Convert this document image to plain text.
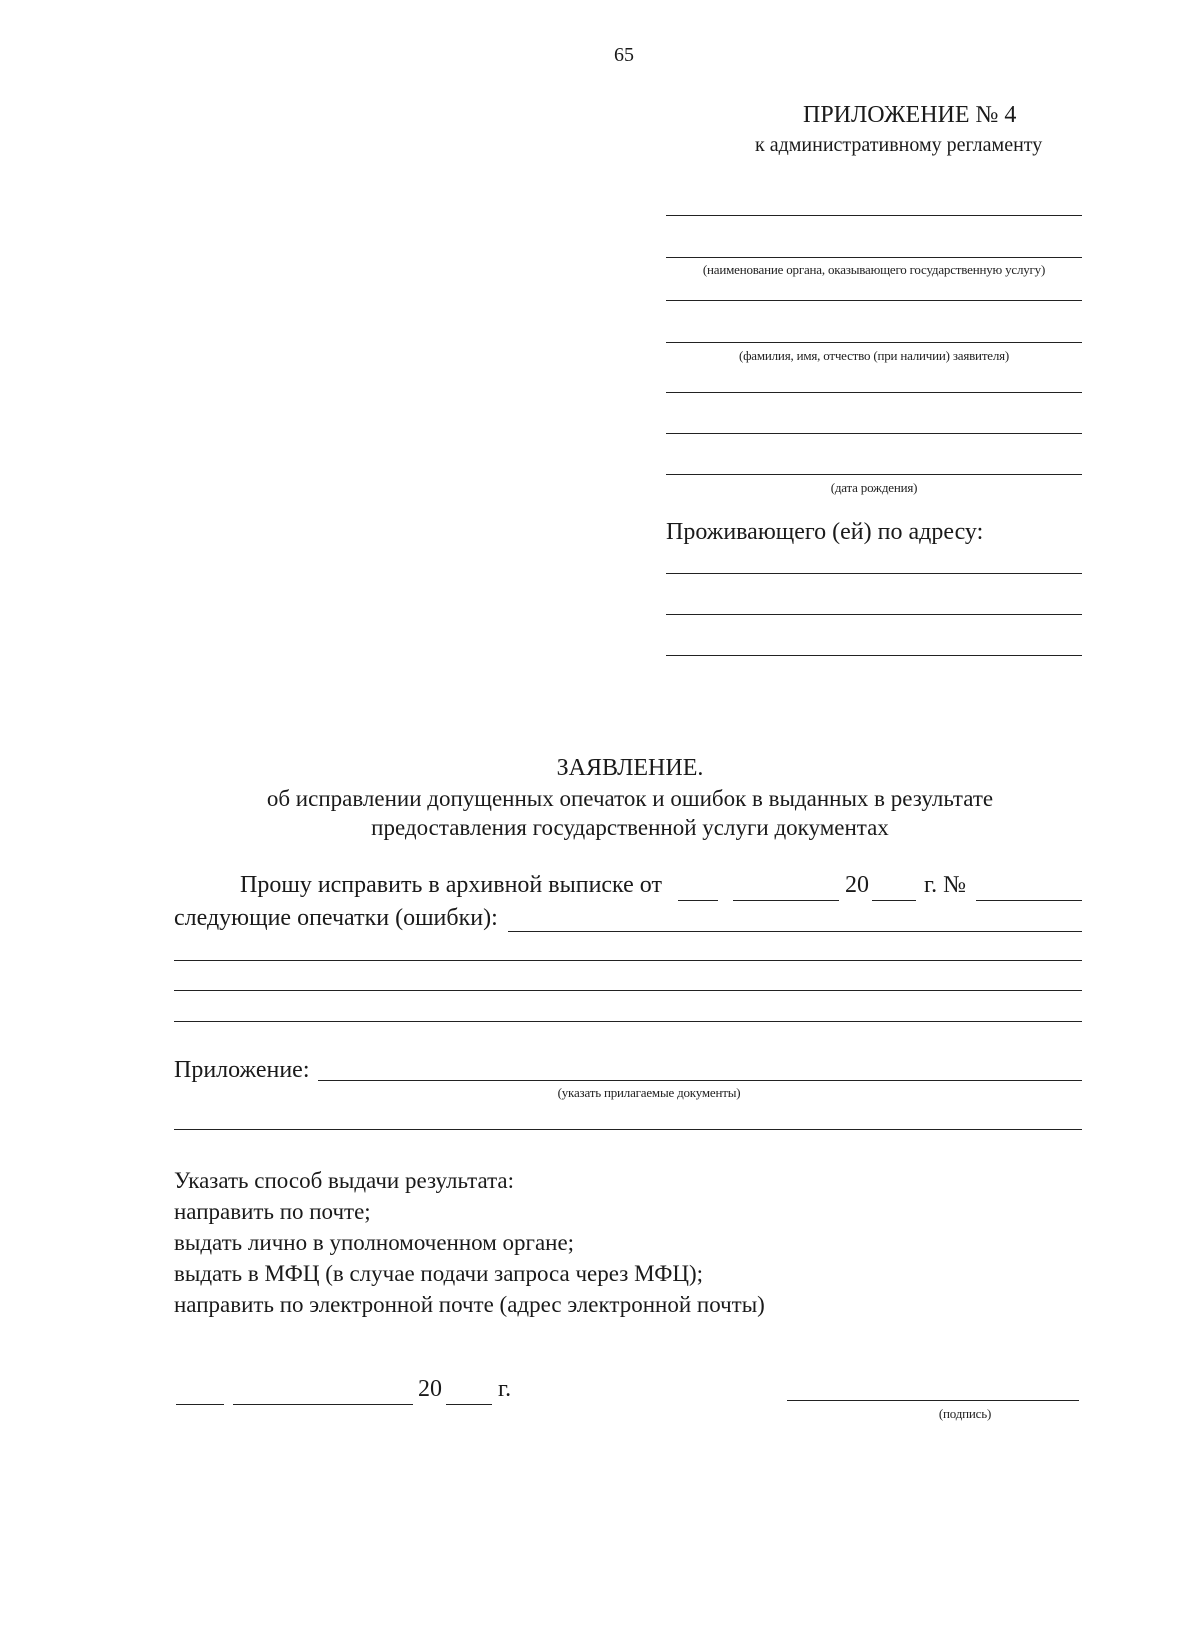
65
ПРИЛОЖЕНИЕ № 4
к административному регламенту
(наименование органа, оказывающего государственную услугу)
(фамилия, имя, отчество (при наличии) заявителя)
(дата рождения)
Проживающего (ей) по адресу:
ЗАЯВЛЕНИЕ.
об исправлении допущенных опечаток и ошибок в выданных в результате
предоставления государственной услуги документах
Прошу исправить в архивной выписке от	20 г. №
следующие опечатки (ошибки):
Приложение:
(указать прилагаемые документы)
Указать способ выдачи результата:
направить по почте;
выдать лично в уполномоченном органе;
выдать в МФЦ (в случае подачи запроса через МФЦ);
направить по электронной почте (адрес электронной почты)
20 г.
(подпись)
